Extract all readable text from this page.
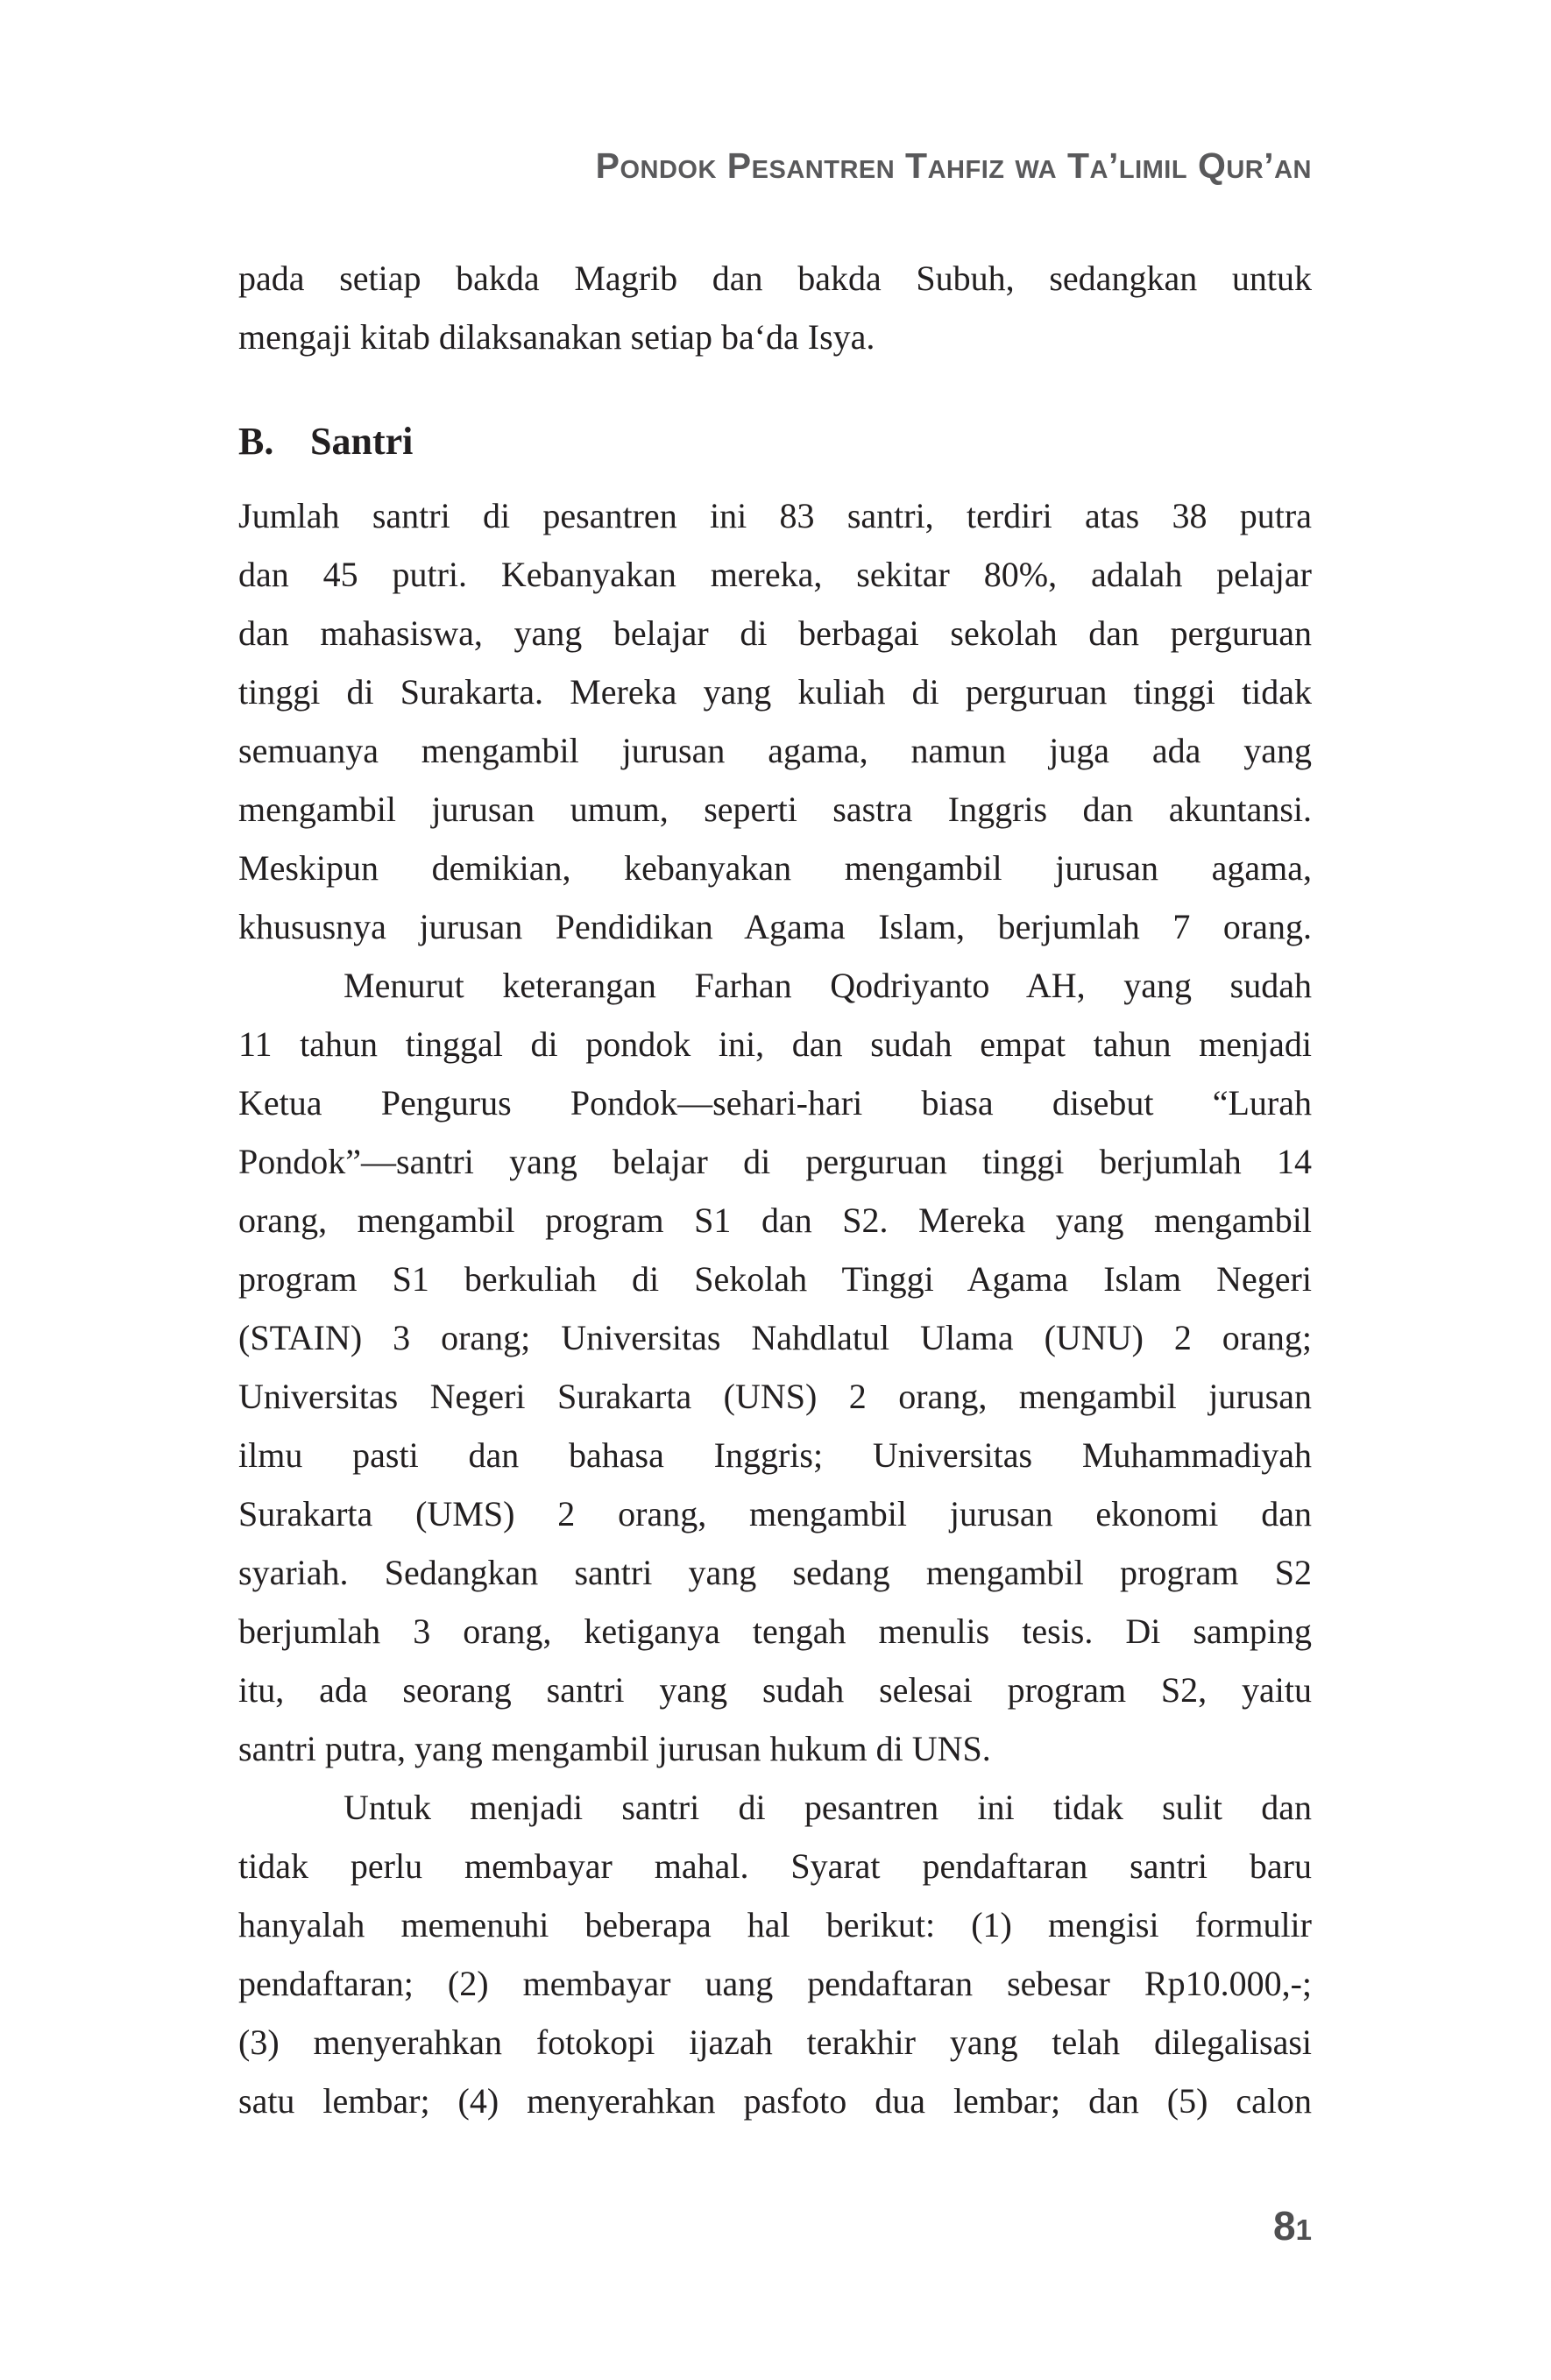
Pondok Pesantren Tahfiz wa Ta’limil Qur’an
pada setiap bakda Magrib dan bakda Subuh, sedangkan untuk
mengaji kitab dilaksanakan setiap ba‘da Isya.
B. Santri
Jumlah santri di pesantren ini 83 santri, terdiri atas 38 putra
dan 45 putri. Kebanyakan mereka, sekitar 80%, adalah pelajar
dan mahasiswa, yang belajar di berbagai sekolah dan perguruan
tinggi di Surakarta. Mereka yang kuliah di perguruan tinggi tidak
semuanya mengambil jurusan agama, namun juga ada yang
mengambil jurusan umum, seperti sastra Inggris dan akuntansi.
Meskipun demikian, kebanyakan mengambil jurusan agama,
khususnya jurusan Pendidikan Agama Islam, berjumlah 7 orang.
Menurut keterangan Farhan Qodriyanto AH, yang sudah
11 tahun tinggal di pondok ini, dan sudah empat tahun menjadi
Ketua Pengurus Pondok—sehari-hari biasa disebut “Lurah
Pondok”—santri yang belajar di perguruan tinggi berjumlah 14
orang, mengambil program S1 dan S2. Mereka yang mengambil
program S1 berkuliah di Sekolah Tinggi Agama Islam Negeri
(STAIN) 3 orang; Universitas Nahdlatul Ulama (UNU) 2 orang;
Universitas Negeri Surakarta (UNS) 2 orang, mengambil jurusan
ilmu pasti dan bahasa Inggris; Universitas Muhammadiyah
Surakarta (UMS) 2 orang, mengambil jurusan ekonomi dan
syariah. Sedangkan santri yang sedang mengambil program S2
berjumlah 3 orang, ketiganya tengah menulis tesis. Di samping
itu, ada seorang santri yang sudah selesai program S2, yaitu
santri putra, yang mengambil jurusan hukum di UNS.
Untuk menjadi santri di pesantren ini tidak sulit dan
tidak perlu membayar mahal. Syarat pendaftaran santri baru
hanyalah memenuhi beberapa hal berikut: (1) mengisi formulir
pendaftaran; (2) membayar uang pendaftaran sebesar Rp10.000,-;
(3) menyerahkan fotokopi ijazah terakhir yang telah dilegalisasi
satu lembar; (4) menyerahkan pasfoto dua lembar; dan (5) calon
81
